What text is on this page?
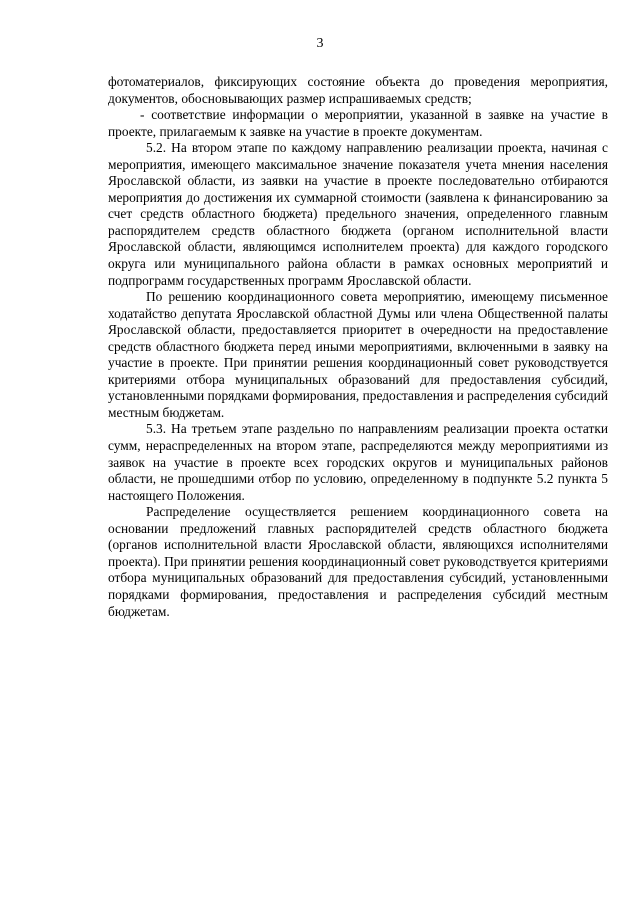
3

фотоматериалов, фиксирующих состояние объекта до проведения мероприятия, документов, обосновывающих размер испрашиваемых средств;

- соответствие информации о мероприятии, указанной в заявке на участие в проекте, прилагаемым к заявке на участие в проекте документам.

5.2. На втором этапе по каждому направлению реализации проекта, начиная с мероприятия, имеющего максимальное значение показателя учета мнения населения Ярославской области, из заявки на участие в проекте последовательно отбираются мероприятия до достижения их суммарной стоимости (заявлена к финансированию за счет средств областного бюджета) предельного значения, определенного главным распорядителем средств областного бюджета (органом исполнительной власти Ярославской области, являющимся исполнителем проекта) для каждого городского округа или муниципального района области в рамках основных мероприятий и подпрограмм государственных программ Ярославской области.

По решению координационного совета мероприятию, имеющему письменное ходатайство депутата Ярославской областной Думы или члена Общественной палаты Ярославской области, предоставляется приоритет в очередности на предоставление средств областного бюджета перед иными мероприятиями, включенными в заявку на участие в проекте. При принятии решения координационный совет руководствуется критериями отбора муниципальных образований для предоставления субсидий, установленными порядками формирования, предоставления и распределения субсидий местным бюджетам.

5.3. На третьем этапе раздельно по направлениям реализации проекта остатки сумм, нераспределенных на втором этапе, распределяются между мероприятиями из заявок на участие в проекте всех городских округов и муниципальных районов области, не прошедшими отбор по условию, определенному в подпункте 5.2 пункта 5 настоящего Положения.

Распределение осуществляется решением координационного совета на основании предложений главных распорядителей средств областного бюджета (органов исполнительной власти Ярославской области, являющихся исполнителями проекта). При принятии решения координационный совет руководствуется критериями отбора муниципальных образований для предоставления субсидий, установленными порядками формирования, предоставления и распределения субсидий местным бюджетам.
